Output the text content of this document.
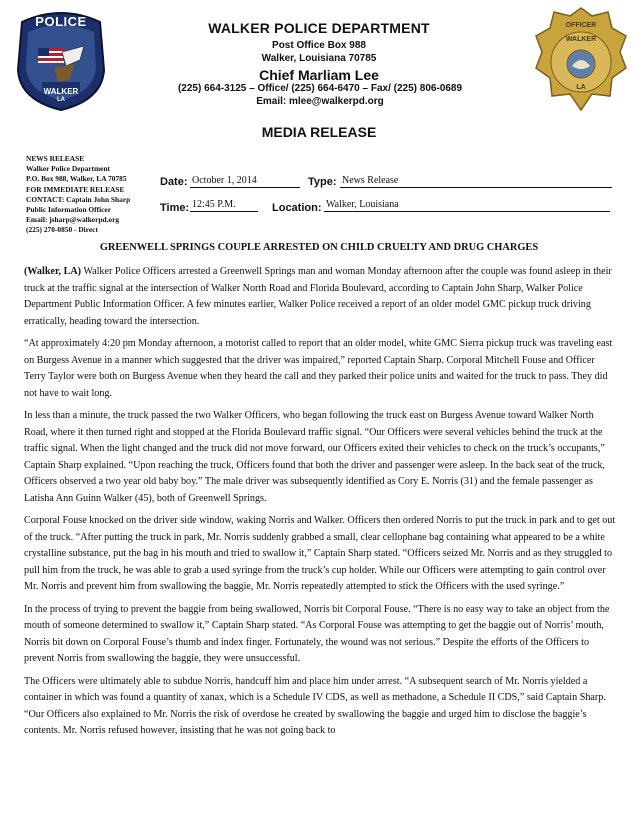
POLICE
WALKER
LA
OFFICER
WALKER
LA
WALKER POLICE DEPARTMENT
Post Office Box 988
Walker, Louisiana 70785
Chief Marliam Lee
(225) 664-3125 – Office/ (225) 664-6470 – Fax/ (225) 806-0689
Email: mlee@walkerpd.org
MEDIA RELEASE
NEWS RELEASE
Walker Police Department
P.O. Box 988, Walker, LA 70785
FOR IMMEDIATE RELEASE
CONTACT: Captain John Sharp
Public Information Officer
Email: jsharp@walkerpd.org
(225) 270-0850 - Direct
Date: October 1, 2014	Type: News Release
Time: 12:45 P.M.	Location: Walker, Louisiana
GREENWELL SPRINGS COUPLE ARRESTED ON CHILD CRUELTY AND DRUG CHARGES

(Walker, LA) Walker Police Officers arrested a Greenwell Springs man and woman Monday afternoon after the couple was found asleep in their truck at the traffic signal at the intersection of Walker North Road and Florida Boulevard, according to Captain John Sharp, Walker Police Department Public Information Officer. A few minutes earlier, Walker Police received a report of an older model GMC pickup truck driving erratically, heading toward the intersection.

“At approximately 4:20 pm Monday afternoon, a motorist called to report that an older model, white GMC Sierra pickup truck was traveling east on Burgess Avenue in a manner which suggested that the driver was impaired,” reported Captain Sharp. Corporal Mitchell Fouse and Officer Terry Taylor were both on Burgess Avenue when they heard the call and they parked their police units and waited for the truck to pass. They did not have to wait long.

In less than a minute, the truck passed the two Walker Officers, who began following the truck east on Burgess Avenue toward Walker North Road, where it then turned right and stopped at the Florida Boulevard traffic signal. “Our Officers were several vehicles behind the truck at the traffic signal. When the light changed and the truck did not move forward, our Officers exited their vehicles to check on the truck’s occupants,” Captain Sharp explained. “Upon reaching the truck, Officers found that both the driver and passenger were asleep. In the back seat of the truck, Officers observed a two year old baby boy.” The male driver was subsequently identified as Cory E. Norris (31) and the female passenger as Latisha Ann Guinn Walker (45), both of Greenwell Springs.

Corporal Fouse knocked on the driver side window, waking Norris and Walker. Officers then ordered Norris to put the truck in park and to get out of the truck. “After putting the truck in park, Mr. Norris suddenly grabbed a small, clear cellophane bag containing what appeared to be a white crystalline substance, put the bag in his mouth and tried to swallow it,” Captain Sharp stated. “Officers seized Mr. Norris and as they struggled to pull him from the truck, he was able to grab a used syringe from the truck’s cup holder. While our Officers were attempting to gain control over Mr. Norris and prevent him from swallowing the baggie, Mr. Norris repeatedly attempted to stick the Officers with the used syringe.”

In the process of trying to prevent the baggie from being swallowed, Norris bit Corporal Fouse. “There is no easy way to take an object from the mouth of someone determined to swallow it,” Captain Sharp stated. “As Corporal Fouse was attempting to get the baggie out of Norris’ mouth, Norris bit down on Corporal Fouse’s thumb and index finger. Fortunately, the wound was not serious.” Despite the efforts of the Officers to prevent Norris from swallowing the baggie, they were unsuccessful.

The Officers were ultimately able to subdue Norris, handcuff him and place him under arrest. “A subsequent search of Mr. Norris yielded a container in which was found a quantity of xanax, which is a Schedule IV CDS, as well as methadone, a Schedule II CDS,” said Captain Sharp. “Our Officers also explained to Mr. Norris the risk of overdose he created by swallowing the baggie and urged him to disclose the baggie’s contents. Mr. Norris refused however, insisting that he was not going back to
